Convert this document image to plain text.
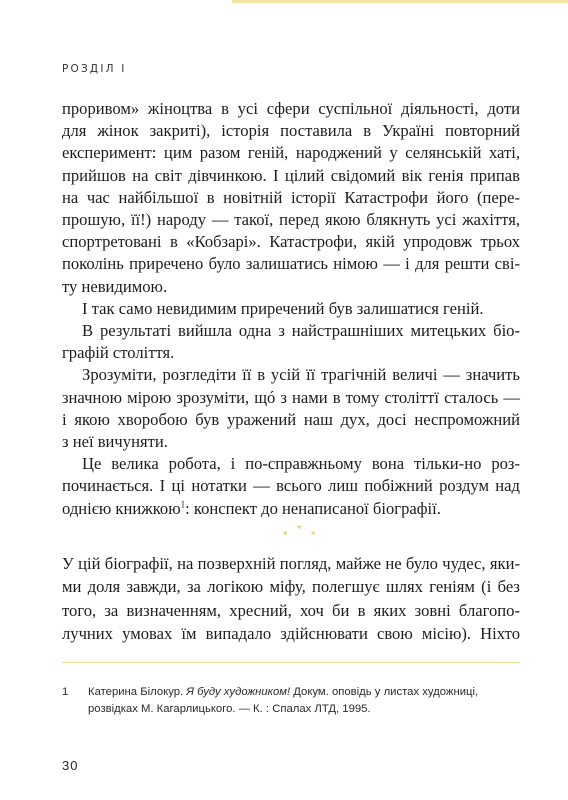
РОЗДІЛ І
проривом» жіноцтва в усі сфери суспільної діяльності, доти
для жінок закриті), історія поставила в Україні повторний
експеримент: цим разом геній, народжений у селянській хаті,
прийшов на світ дівчинкою. І цілий свідомий вік генія припав
на час найбільшої в новітній історії Катастрофи його (пере-
прошую, її!) народу — такої, перед якою блякнуть усі жахіття,
спортретовані в «Кобзарі». Катастрофи, якій упродовж трьох
поколінь приречено було залишатись німою — і для решти сві-
ту невидимою.
І так само невидимим приречений був залишатися геній.
В результаті вийшла одна з найстрашніших митецьких біо-
графій століття.
Зрозуміти, розгледіти її в усій її трагічній величі — значить
значною мірою зрозуміти, щó з нами в тому століттї сталось —
і якою хворобою був уражений наш дух, досі неспроможний
з неї вичуняти.
Це велика робота, і по-справжньому вона тільки-но роз-
починається. І ці нотатки — всього лиш побіжний роздум над
однією книжкою$^1$: конспект до ненаписаної біографії.
*
*
*
У цій біографії, на позверхній погляд, майже не було чудес, яки-
ми доля завжди, за логікою міфу, полегшує шлях геніям (і без
того, за визначенням, хресний, хоч би в яких зовні благопо-
лучних умовах їм випадало здійснювати свою місію). Ніхто
1 Катерина Білокур. Я буду художником! Докум. оповідь у листах художниці,
розвідках М. Кагарлицького. — К. : Спалах ЛТД, 1995.
30
